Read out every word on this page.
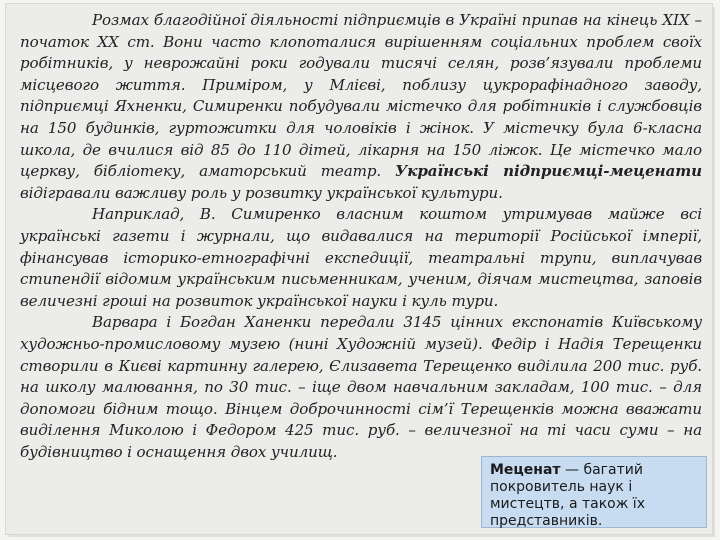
Розмах благодійної діяльності підприємців в Україні припав на кінець XIX – початок XX ст. Вони часто клопоталися вирішенням соціальних проблем своїх робітників, у неврожайні роки годували тисячі селян, розв’язували проблеми місцевого життя. Приміром, у Млієві, поблизу цукрорафінадного заводу, підприємці Яхненки, Симиренки побудували містечко для робітників і службовців на 150 будинків, гуртожитки для чоловіків і жінок. У містечку була 6-класна школа, де вчилися від 85 до 110 дітей, лікарня на 150 ліжок. Це містечко мало церкву, бібліотеку, аматорський театр. Українські підприємці-меценати відігравали важливу роль у розвитку української культури.

Наприклад, В. Симиренко власним коштом утримував майже всі українські газети і журнали, що видавалися на території Російської імперії, фінансував історико-етнографічні експедиції, театральні трупи, виплачував стипендії відомим українським письменникам, ученим, діячам мистецтва, заповів величезні гроші на розвиток української науки і куль тури.

Варвара і Богдан Ханенки передали 3145 цінних експонатів Київському художньо-промисловому музею (нині Художній музей). Федір і Надія Терещенки створили в Києві картинну галерею, Єлизавета Терещенко виділила 200 тис. руб. на школу малювання, по 30 тис. – іще двом навчальним закладам, 100 тис. – для допомоги бідним тощо. Вінцем доброчинності сім’ї Терещенків можна вважати виділення Миколою і Федором 425 тис. руб. – величезної на ті часи суми – на будівництво і оснащення двох училищ.

Меценат — багатий покровитель наук і мистецтв, а також їх представників.
